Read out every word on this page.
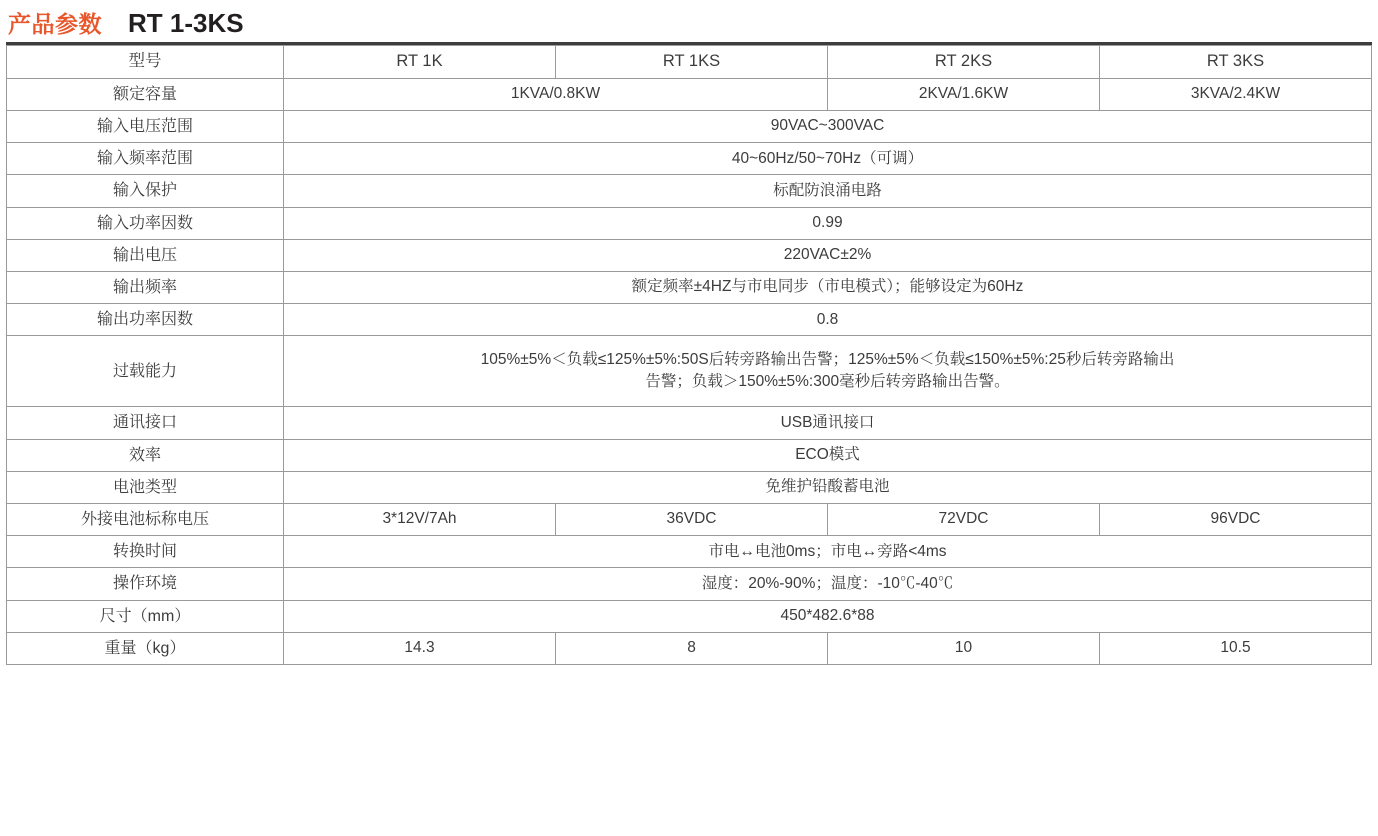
产品参数 RT 1-3KS
型号	RT 1K	RT 1KS	RT 2KS	RT 3KS
额定容量	1KVA/0.8KW		2KVA/1.6KW	3KVA/2.4KW
输入电压范围	90VAC~300VAC			
输入频率范围	40~60Hz/50~70Hz（可调）			
输入保护	标配防浪涌电路			
输入功率因数	0.99			
输出电压	220VAC±2%			
输出频率	额定频率±4HZ与市电同步（市电模式）；能够设定为60Hz			
输出功率因数	0.8			
过载能力	105%±5%＜负载≤125%±5%:50S后转旁路输出告警；125%±5%＜负载≤150%±5%:25秒后转旁路输出
告警；负载＞150%±5%:300毫秒后转旁路输出告警。			

通讯接口	USB通讯接口			
效率	ECO模式			
电池类型	免维护铅酸蓄电池			
外接电池标称电压	3*12V/7Ah	36VDC	72VDC	96VDC
转换时间	市电↔电池0ms；市电↔旁路<4ms			
操作环境	湿度：20%-90%；温度：-10℃-40℃			
尺寸（mm）	450*482.6*88			
重量（kg）	14.3	8	10	10.5
